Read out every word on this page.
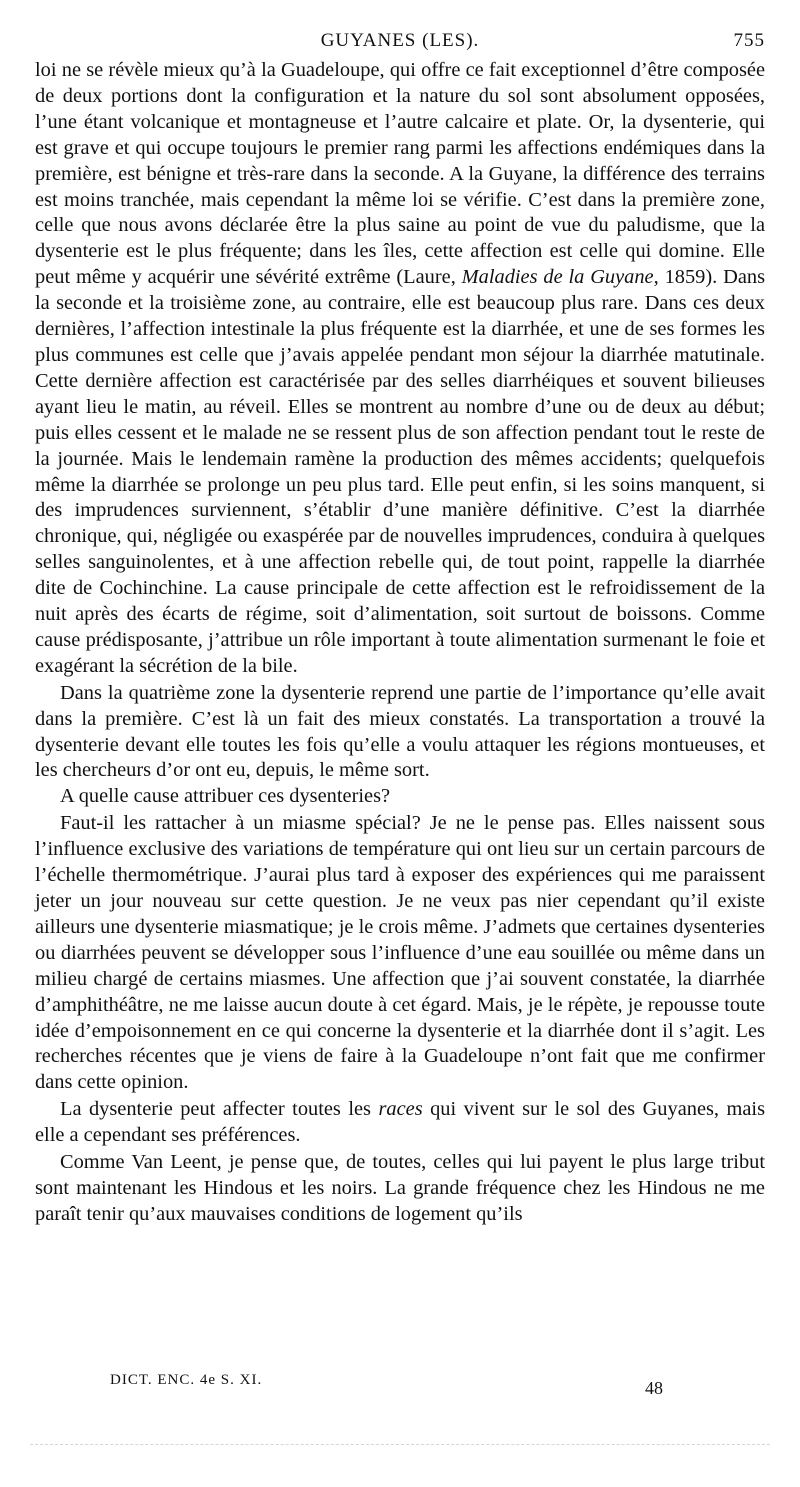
GUYANES (LES).	755

loi ne se révèle mieux qu’à la Guadeloupe, qui offre ce fait exceptionnel d’être composée de deux portions dont la configuration et la nature du sol sont absolument opposées, l’une étant volcanique et montagneuse et l’autre calcaire et plate. Or, la dysenterie, qui est grave et qui occupe toujours le premier rang parmi les affections endémiques dans la première, est bénigne et très-rare dans la seconde. A la Guyane, la différence des terrains est moins tranchée, mais cependant la même loi se vérifie. C’est dans la première zone, celle que nous avons déclarée être la plus saine au point de vue du paludisme, que la dysenterie est le plus fréquente; dans les îles, cette affection est celle qui domine. Elle peut même y acquérir une sévérité extrême (Laure, Maladies de la Guyane, 1859). Dans la seconde et la troisième zone, au contraire, elle est beaucoup plus rare. Dans ces deux dernières, l’affection intestinale la plus fréquente est la diarrhée, et une de ses formes les plus communes est celle que j’avais appelée pendant mon séjour la diarrhée matutinale. Cette dernière affection est caractérisée par des selles diarrhéiques et souvent bilieuses ayant lieu le matin, au réveil. Elles se montrent au nombre d’une ou de deux au début; puis elles cessent et le malade ne se ressent plus de son affection pendant tout le reste de la journée. Mais le lendemain ramène la production des mêmes accidents; quelquefois même la diarrhée se prolonge un peu plus tard. Elle peut enfin, si les soins manquent, si des imprudences surviennent, s’établir d’une manière définitive. C’est la diarrhée chronique, qui, négligée ou exaspérée par de nouvelles imprudences, conduira à quelques selles sanguinolentes, et à une affection rebelle qui, de tout point, rappelle la diarrhée dite de Cochinchine. La cause principale de cette affection est le refroidissement de la nuit après des écarts de régime, soit d’alimentation, soit surtout de boissons. Comme cause prédisposante, j’attribue un rôle important à toute alimentation surmenant le foie et exagérant la sécrétion de la bile.

Dans la quatrième zone la dysenterie reprend une partie de l’importance qu’elle avait dans la première. C’est là un fait des mieux constatés. La transportation a trouvé la dysenterie devant elle toutes les fois qu’elle a voulu attaquer les régions montueuses, et les chercheurs d’or ont eu, depuis, le même sort.

A quelle cause attribuer ces dysenteries?

Faut-il les rattacher à un miasme spécial? Je ne le pense pas. Elles naissent sous l’influence exclusive des variations de température qui ont lieu sur un certain parcours de l’échelle thermométrique. J’aurai plus tard à exposer des expériences qui me paraissent jeter un jour nouveau sur cette question. Je ne veux pas nier cependant qu’il existe ailleurs une dysenterie miasmatique; je le crois même. J’admets que certaines dysenteries ou diarrhées peuvent se développer sous l’influence d’une eau souillée ou même dans un milieu chargé de certains miasmes. Une affection que j’ai souvent constatée, la diarrhée d’amphithéâtre, ne me laisse aucun doute à cet égard. Mais, je le répète, je repousse toute idée d’empoisonnement en ce qui concerne la dysenterie et la diarrhée dont il s’agit. Les recherches récentes que je viens de faire à la Guadeloupe n’ont fait que me confirmer dans cette opinion.

La dysenterie peut affecter toutes les races qui vivent sur le sol des Guyanes, mais elle a cependant ses préférences.

Comme Van Leent, je pense que, de toutes, celles qui lui payent le plus large tribut sont maintenant les Hindous et les noirs. La grande fréquence chez les Hindous ne me paraît tenir qu’aux mauvaises conditions de logement qu’ils

DICT. ENC. 4e S. XI.	48
